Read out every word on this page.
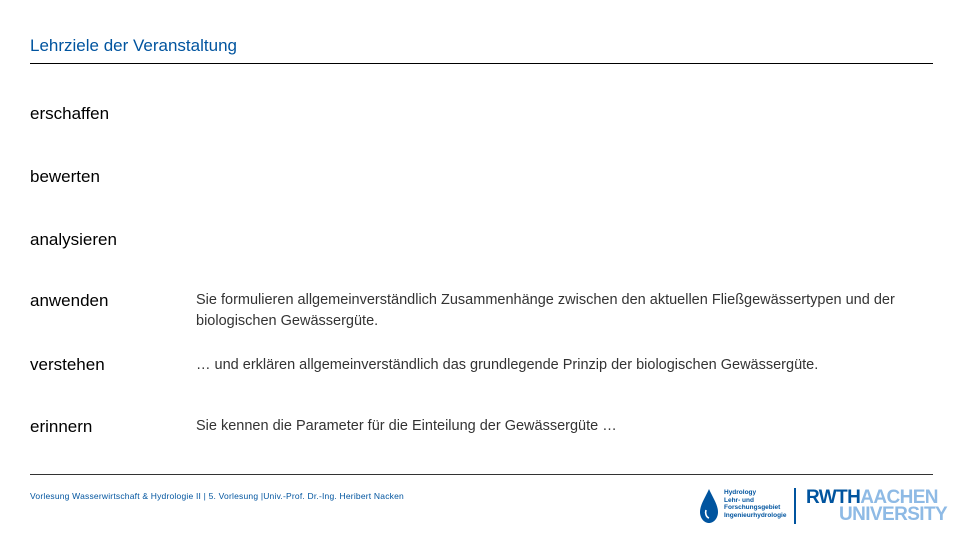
Lehrziele der Veranstaltung
erschaffen
bewerten
analysieren
anwenden	Sie formulieren allgemeinverständlich Zusammenhänge zwischen den aktuellen Fließgewässertypen und der biologischen Gewässergüte.
verstehen	… und erklären allgemeinverständlich das grundlegende Prinzip der biologischen Gewässergüte.
erinnern	Sie kennen die Parameter für die Einteilung der Gewässergüte …
Vorlesung Wasserwirtschaft & Hydrologie II | 5. Vorlesung |Univ.-Prof. Dr.-Ing. Heribert Nacken	Hydrology
Lehr- und
Forschungsgebiet
Ingenieurhydrologie
RWTHAACHEN
UNIVERSITY
